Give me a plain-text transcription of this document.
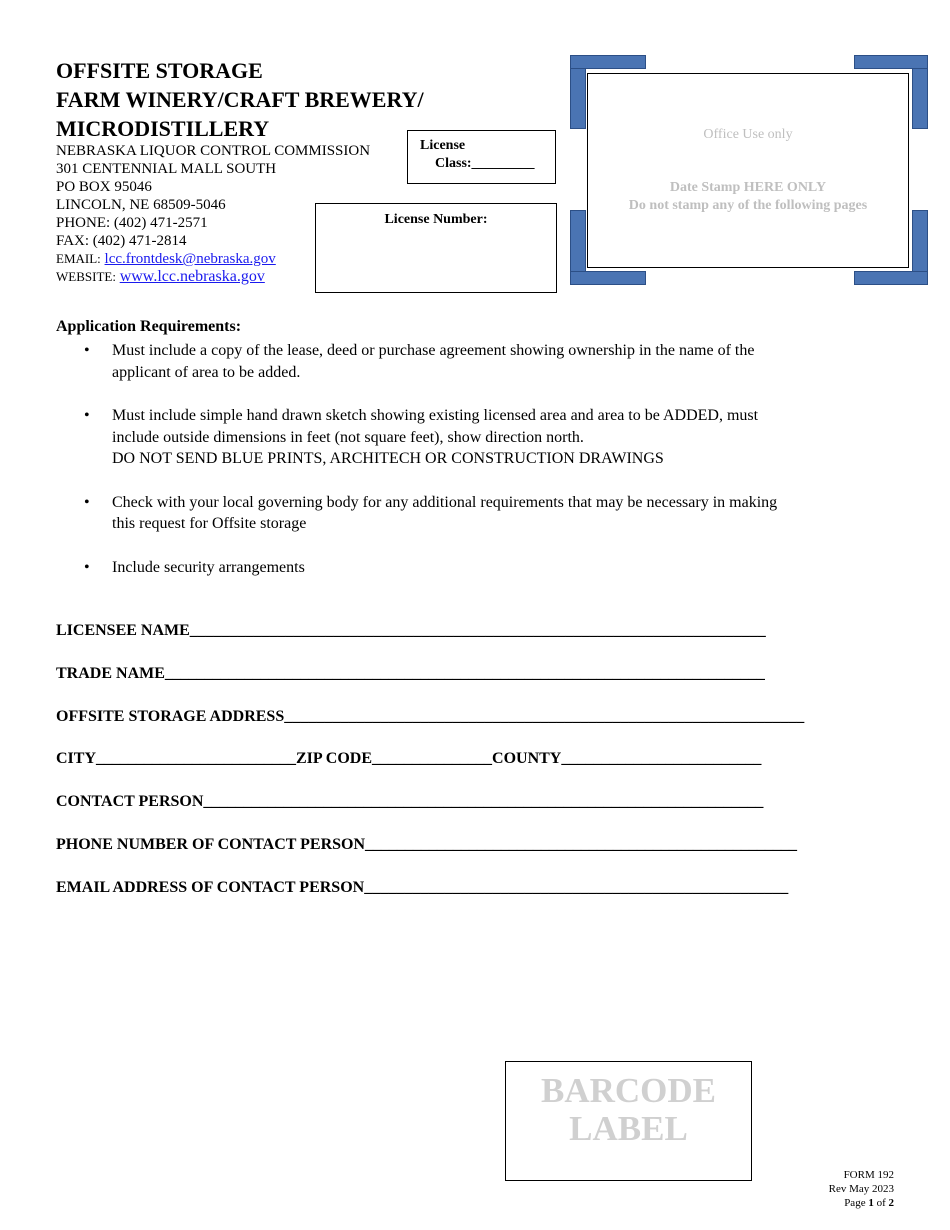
OFFSITE STORAGE
FARM WINERY/CRAFT BREWERY/
MICRODISTILLERY
NEBRASKA LIQUOR CONTROL COMMISSION
301 CENTENNIAL MALL SOUTH
PO BOX 95046
LINCOLN, NE 68509-5046
PHONE: (402) 471-2571
FAX: (402) 471-2814
EMAIL: lcc.frontdesk@nebraska.gov
WEBSITE: www.lcc.nebraska.gov
License
Class:_________
License Number:
Office Use only
Date Stamp HERE ONLY
Do not stamp any of the following pages
Application Requirements:
• Must include a copy of the lease, deed or purchase agreement showing ownership in the name of the
applicant of area to be added.
• Must include simple hand drawn sketch showing existing licensed area and area to be ADDED, must
include outside dimensions in feet (not square feet), show direction north.
DO NOT SEND BLUE PRINTS, ARCHITECH OR CONSTRUCTION DRAWINGS
• Check with your local governing body for any additional requirements that may be necessary in making
this request for Offsite storage
• Include security arrangements
LICENSEE NAME________________________________________________________________________
TRADE NAME___________________________________________________________________________
OFFSITE STORAGE ADDRESS_________________________________________________________________
CITY_________________________ZIP CODE_______________COUNTY_________________________
CONTACT PERSON______________________________________________________________________
PHONE NUMBER OF CONTACT PERSON______________________________________________________
EMAIL ADDRESS OF CONTACT PERSON_____________________________________________________
BARCODE
LABEL
FORM 192
Rev May 2023
Page 1 of 2
